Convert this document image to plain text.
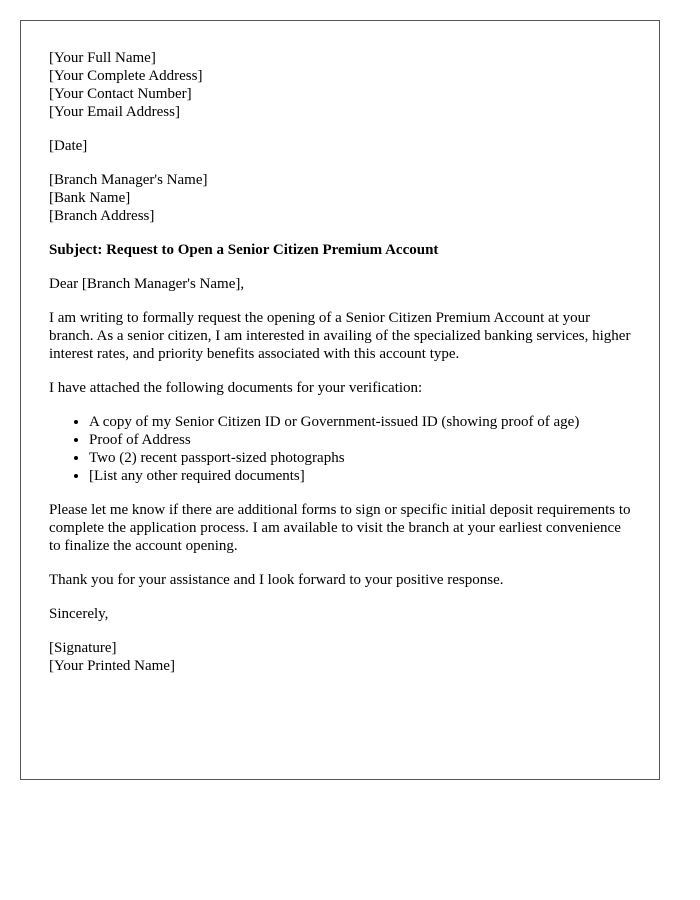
[Your Full Name]
[Your Complete Address]
[Your Contact Number]
[Your Email Address]
[Date]
[Branch Manager's Name]
[Bank Name]
[Branch Address]
Subject: Request to Open a Senior Citizen Premium Account
Dear [Branch Manager's Name],

I am writing to formally request the opening of a Senior Citizen Premium Account at your branch. As a senior citizen, I am interested in availing of the specialized banking services, higher interest rates, and priority benefits associated with this account type.

I have attached the following documents for your verification:

• A copy of my Senior Citizen ID or Government-issued ID (showing proof of age)
• Proof of Address
• Two (2) recent passport-sized photographs
• [List any other required documents]

Please let me know if there are additional forms to sign or specific initial deposit requirements to complete the application process. I am available to visit the branch at your earliest convenience to finalize the account opening.

Thank you for your assistance and I look forward to your positive response.

Sincerely,
[Signature]
[Your Printed Name]
